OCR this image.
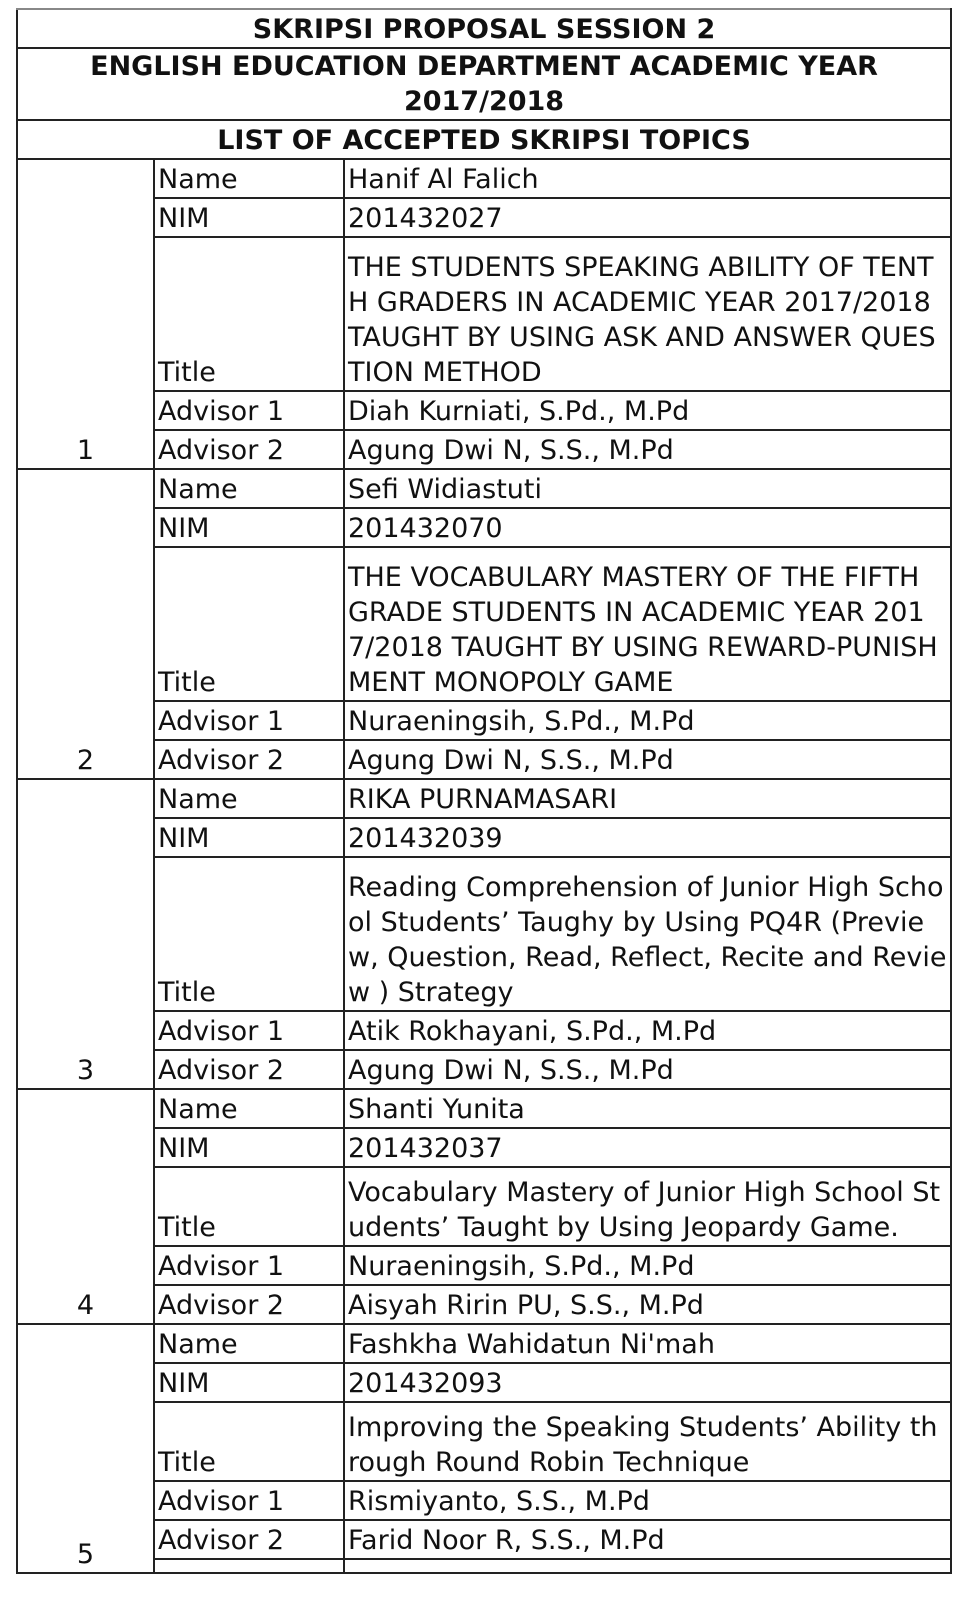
SKRIPSI PROPOSAL SESSION 2		
ENGLISH EDUCATION DEPARTMENT ACADEMIC YEAR 2017/2018		
LIST OF ACCEPTED SKRIPSI TOPICS		
1	Name	Hanif Al Falich
	NIM	201432027
	Title	THE STUDENTS SPEAKING ABILITY OF TENTH GRADERS IN ACADEMIC YEAR 2017/2018 TAUGHT BY USING ASK AND ANSWER QUESTION METHOD
	Advisor 1	Diah Kurniati, S.Pd., M.Pd
	Advisor 2	Agung Dwi N, S.S., M.Pd
2	Name	Sefi Widiastuti
	NIM	201432070
	Title	THE VOCABULARY MASTERY OF THE FIFTH GRADE STUDENTS IN ACADEMIC YEAR 2017/2018 TAUGHT BY USING REWARD-PUNISHMENT MONOPOLY GAME
	Advisor 1	Nuraeningsih, S.Pd., M.Pd
	Advisor 2	Agung Dwi N, S.S., M.Pd
3	Name	RIKA PURNAMASARI
	NIM	201432039
	Title	Reading Comprehension of Junior High School Students’ Taughy by Using PQ4R (Preview, Question, Read, Reflect, Recite and Review ) Strategy
	Advisor 1	Atik Rokhayani, S.Pd., M.Pd
	Advisor 2	Agung Dwi N, S.S., M.Pd
4	Name	Shanti Yunita
	NIM	201432037
	Title	Vocabulary Mastery of Junior High School Students’ Taught by Using Jeopardy Game.
	Advisor 1	Nuraeningsih, S.Pd., M.Pd
	Advisor 2	Aisyah Ririn PU, S.S., M.Pd
5	Name	Fashkha Wahidatun Ni'mah
	NIM	201432093
	Title	Improving the Speaking Students’ Ability through Round Robin Technique
	Advisor 1	Rismiyanto, S.S., M.Pd
	Advisor 2	Farid Noor R, S.S., M.Pd
